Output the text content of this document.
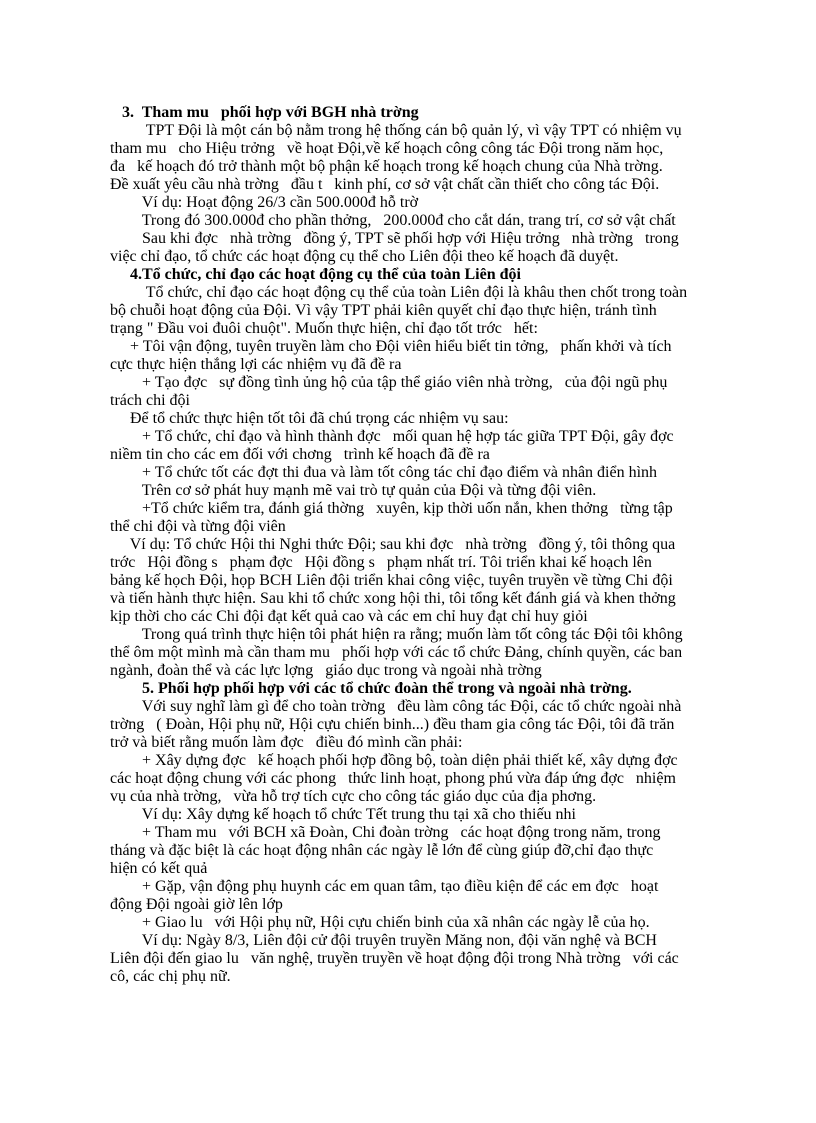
3.  Tham mu   phối hợp với BGH nhà trờng
TPT Đội là một cán bộ nằm trong hệ thống cán bộ quản lý, vì vậy TPT có nhiệm vụ
tham mu   cho Hiệu trởng   về hoạt Đội,về kế hoạch công công tác Đội trong năm học,
đa   kế hoạch đó trở thành một bộ phận kế hoạch trong kế hoạch chung của Nhà trờng.
Đề xuất yêu cầu nhà trờng   đầu t   kinh phí, cơ sở vật chất cần thiết cho công tác Đội.
Ví dụ: Hoạt động 26/3 cần 500.000đ hỗ trờ
Trong đó 300.000đ cho phần thởng,   200.000đ cho cắt dán, trang trí, cơ sở vật chất
Sau khi đợc   nhà trờng   đồng ý, TPT sẽ phối hợp với Hiệu trởng   nhà trờng   trong
việc chỉ đạo, tổ chức các hoạt động cụ thể cho Liên đội theo kế hoạch đã duyệt.
4.Tổ chức, chỉ đạo các hoạt động cụ thể của toàn Liên đội
Tổ chức, chỉ đạo các hoạt động cụ thể của toàn Liên đội là khâu then chốt trong toàn
bộ chuỗi hoạt động của Đội. Vì vậy TPT phải kiên quyết chỉ đạo thực hiện, tránh tình
trạng " Đầu voi đuôi chuột". Muốn thực hiện, chỉ đạo tốt trớc   hết:
+ Tôi vận động, tuyên truyền làm cho Đội viên hiểu biết tin tởng,   phấn khởi và tích
cực thực hiện thắng lợi các nhiệm vụ đã đề ra
+ Tạo đợc   sự đồng tình ủng hộ của tập thể giáo viên nhà trờng,   của đội ngũ phụ
trách chi đội
Để tổ chức thực hiện tốt tôi đã chú trọng các nhiệm vụ sau:
+ Tổ chức, chỉ đạo và hình thành đợc   mối quan hệ hợp tác giữa TPT Đội, gây đợc
niềm tin cho các em đối với chơng   trình kế hoạch đã đề ra
+ Tổ chức tốt các đợt thi đua và làm tốt công tác chỉ đạo điểm và nhân điển hình
Trên cơ sở phát huy mạnh mẽ vai trò tự quản của Đội và từng đội viên.
+Tổ chức kiểm tra, đánh giá thờng   xuyên, kịp thời uốn nắn, khen thởng   từng tập
thể chi đội và từng đội viên
Ví dụ: Tổ chức Hội thi Nghi thức Đội; sau khi đợc   nhà trờng   đồng ý, tôi thông qua
trớc   Hội đồng s   phạm đợc   Hội đồng s   phạm nhất trí. Tôi triển khai kế hoạch lên
bảng kế họch Đội, họp BCH Liên đội triển khai công việc, tuyên truyền về từng Chi đội
và tiến hành thực hiện. Sau khi tổ chức xong hội thi, tôi tổng kết đánh giá và khen thởng
kịp thời cho các Chi đội đạt kết quả cao và các em chỉ huy đạt chỉ huy giỏi
Trong quá trình thực hiện tôi phát hiện ra rằng; muốn làm tốt công tác Đội tôi không
thể ôm một mình mà cần tham mu   phối hợp với các tổ chức Đảng, chính quyền, các ban
ngành, đoàn thể và các lực lợng   giáo dục trong và ngoài nhà trờng
5. Phối hợp phối hợp với các tổ chức đoàn thể trong và ngoài nhà trờng.
Với suy nghĩ làm gì để cho toàn trờng   đều làm công tác Đội, các tổ chức ngoài nhà
trờng   ( Đoàn, Hội phụ nữ, Hội cựu chiến binh...) đều tham gia công tác Đội, tôi đã trăn
trở và biết rằng muốn làm đợc   điều đó mình cần phải:
+ Xây dựng đợc   kế hoạch phối hợp đồng bộ, toàn diện phải thiết kế, xây dựng đợc
các hoạt động chung với các phong   thức linh hoạt, phong phú vừa đáp ứng đợc   nhiệm
vụ của nhà trờng,   vừa hỗ trợ tích cực cho công tác giáo dục của địa phơng.
Ví dụ: Xây dựng kế hoạch tổ chức Tết trung thu tại xã cho thiếu nhi
+ Tham mu   với BCH xã Đoàn, Chi đoàn trờng   các hoạt động trong năm, trong
tháng và đặc biệt là các hoạt động nhân các ngày lễ lớn để cùng giúp đỡ,chỉ đạo thực
hiện có kết quả
+ Gặp, vận động phụ huynh các em quan tâm, tạo điều kiện để các em đợc   hoạt
động Đội ngoài giờ lên lớp
+ Giao lu   với Hội phụ nữ, Hội cựu chiến binh của xã nhân các ngày lễ của họ.
Ví dụ: Ngày 8/3, Liên đội cử đội truyên truyền Măng non, đội văn nghệ và BCH
Liên đội đến giao lu   văn nghệ, truyền truyền về hoạt động đội trong Nhà trờng   với các
cô, các chị phụ nữ.
